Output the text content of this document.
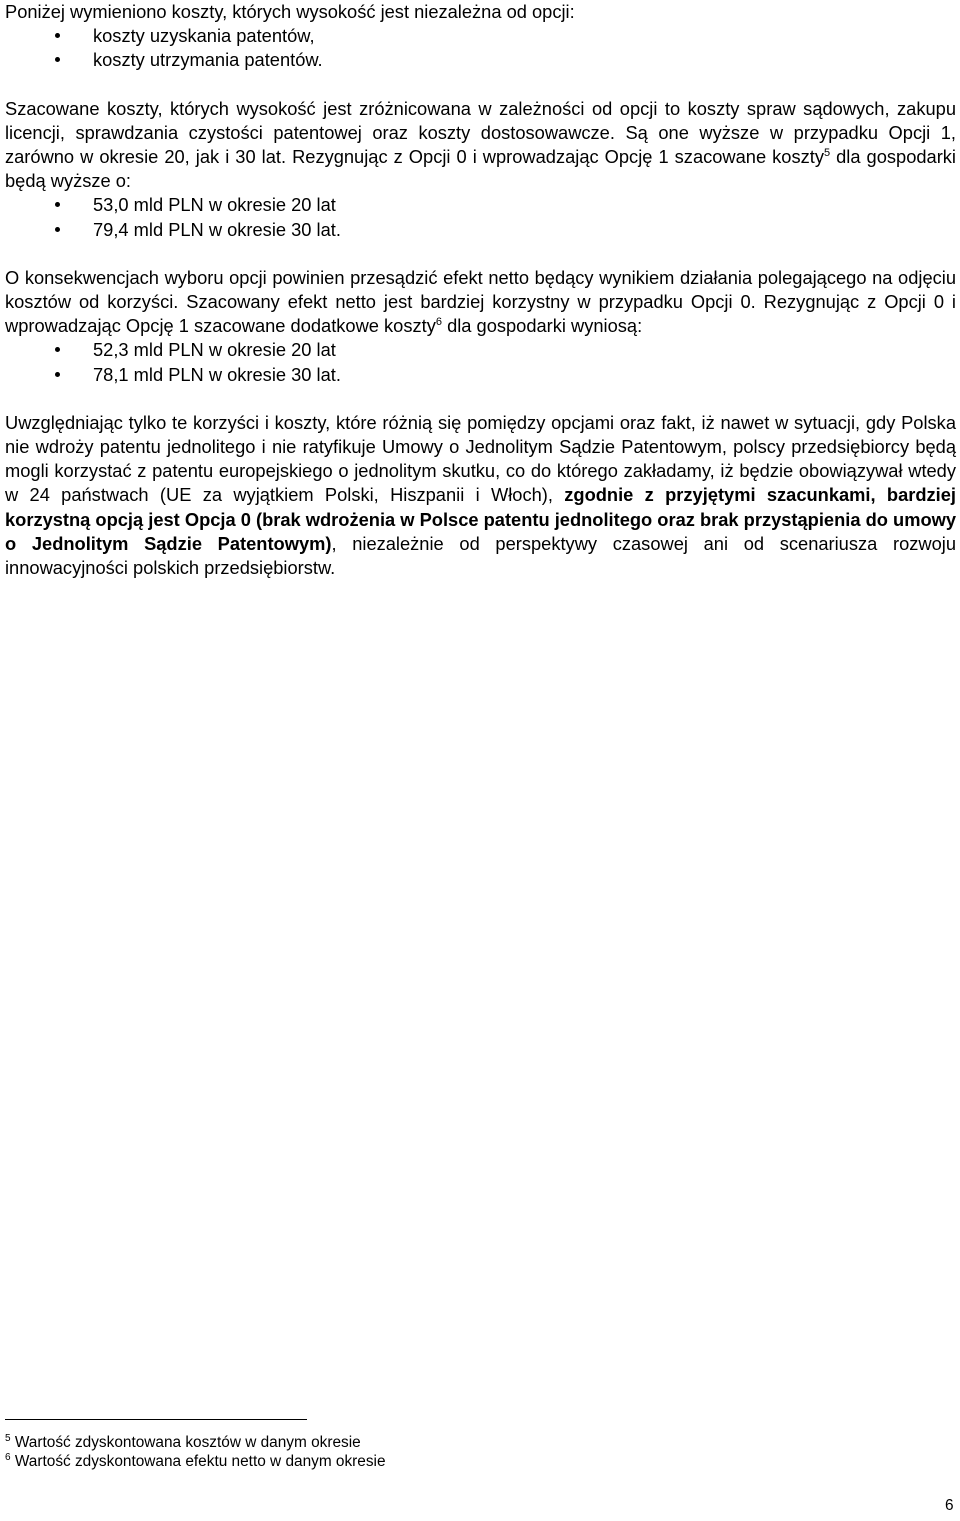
Poniżej wymieniono koszty, których wysokość jest niezależna od opcji:

koszty uzyskania patentów,
koszty utrzymania patentów.

Szacowane koszty, których wysokość jest zróżnicowana w zależności od opcji to koszty spraw sądowych, zakupu licencji, sprawdzania czystości patentowej oraz koszty dostosowawcze. Są one wyższe w przypadku Opcji 1, zarówno w okresie 20, jak i 30 lat. Rezygnując z Opcji 0 i wprowadzając Opcję 1 szacowane koszty$^5$ dla gospodarki będą wyższe o:

53,0 mld PLN w okresie 20 lat
79,4 mld PLN w okresie 30 lat.

O konsekwencjach wyboru opcji powinien przesądzić efekt netto będący wynikiem działania polegającego na odjęciu kosztów od korzyści. Szacowany efekt netto jest bardziej korzystny w przypadku Opcji 0. Rezygnując z Opcji 0 i wprowadzając Opcję 1 szacowane dodatkowe koszty$^6$ dla gospodarki wyniosą:

52,3 mld PLN w okresie 20 lat
78,1 mld PLN w okresie 30 lat.

Uwzględniając tylko te korzyści i koszty, które różnią się pomiędzy opcjami oraz fakt, iż nawet w sytuacji, gdy Polska nie wdroży patentu jednolitego i nie ratyfikuje Umowy o Jednolitym Sądzie Patentowym, polscy przedsiębiorcy będą mogli korzystać z patentu europejskiego o jednolitym skutku, co do którego zakładamy, iż będzie obowiązywał wtedy w 24 państwach (UE za wyjątkiem Polski, Hiszpanii i Włoch), zgodnie z przyjętymi szacunkami, bardziej korzystną opcją jest Opcja 0 (brak wdrożenia w Polsce patentu jednolitego oraz brak przystąpienia do umowy o Jednolitym Sądzie Patentowym), niezależnie od perspektywy czasowej ani od scenariusza rozwoju innowacyjności polskich przedsiębiorstw.

$^5$ Wartość zdyskontowana kosztów w danym okresie
$^6$ Wartość zdyskontowana efektu netto w danym okresie
6
